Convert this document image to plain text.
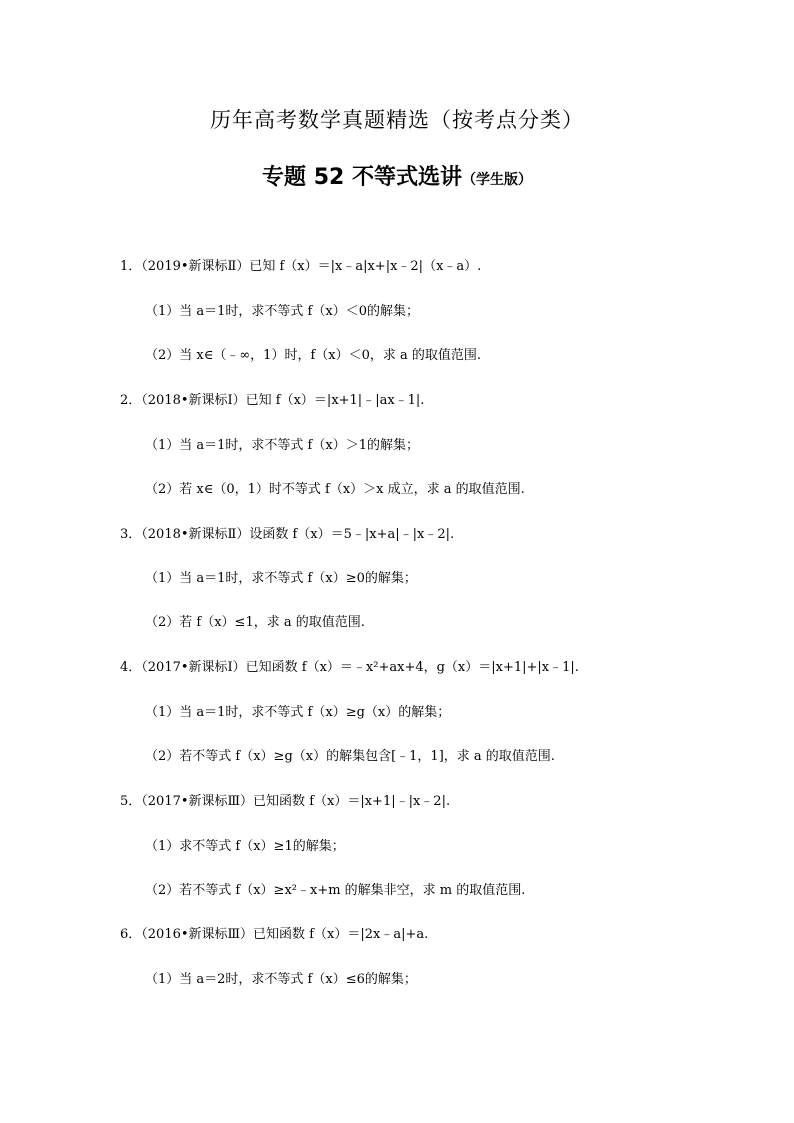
历年高考数学真题精选（按考点分类）
专题 52 不等式选讲（学生版）
1．（2019•新课标Ⅱ）已知 f（x）＝|x﹣a|x+|x﹣2|（x﹣a）.
（1）当 a＝1时，求不等式 f（x）＜0的解集；
（2）当 x∈（﹣∞，1）时，f（x）＜0，求 a 的取值范围.
2．（2018•新课标Ⅰ）已知 f（x）＝|x+1|﹣|ax﹣1|.
（1）当 a＝1时，求不等式 f（x）＞1的解集；
（2）若 x∈（0，1）时不等式 f（x）＞x 成立，求 a 的取值范围.
3．（2018•新课标Ⅱ）设函数 f（x）＝5﹣|x+a|﹣|x﹣2|.
（1）当 a＝1时，求不等式 f（x）≥0的解集；
（2）若 f（x）≤1，求 a 的取值范围.
4．（2017•新课标Ⅰ）已知函数 f（x）＝﹣x²+ax+4，g（x）＝|x+1|+|x﹣1|.
（1）当 a＝1时，求不等式 f（x）≥g（x）的解集；
（2）若不等式 f（x）≥g（x）的解集包含[﹣1，1]，求 a 的取值范围.
5．（2017•新课标Ⅲ）已知函数 f（x）＝|x+1|﹣|x﹣2|.
（1）求不等式 f（x）≥1的解集；
（2）若不等式 f（x）≥x²﹣x+m 的解集非空，求 m 的取值范围.
6．（2016•新课标Ⅲ）已知函数 f（x）＝|2x﹣a|+a.
（1）当 a＝2时，求不等式 f（x）≤6的解集；
